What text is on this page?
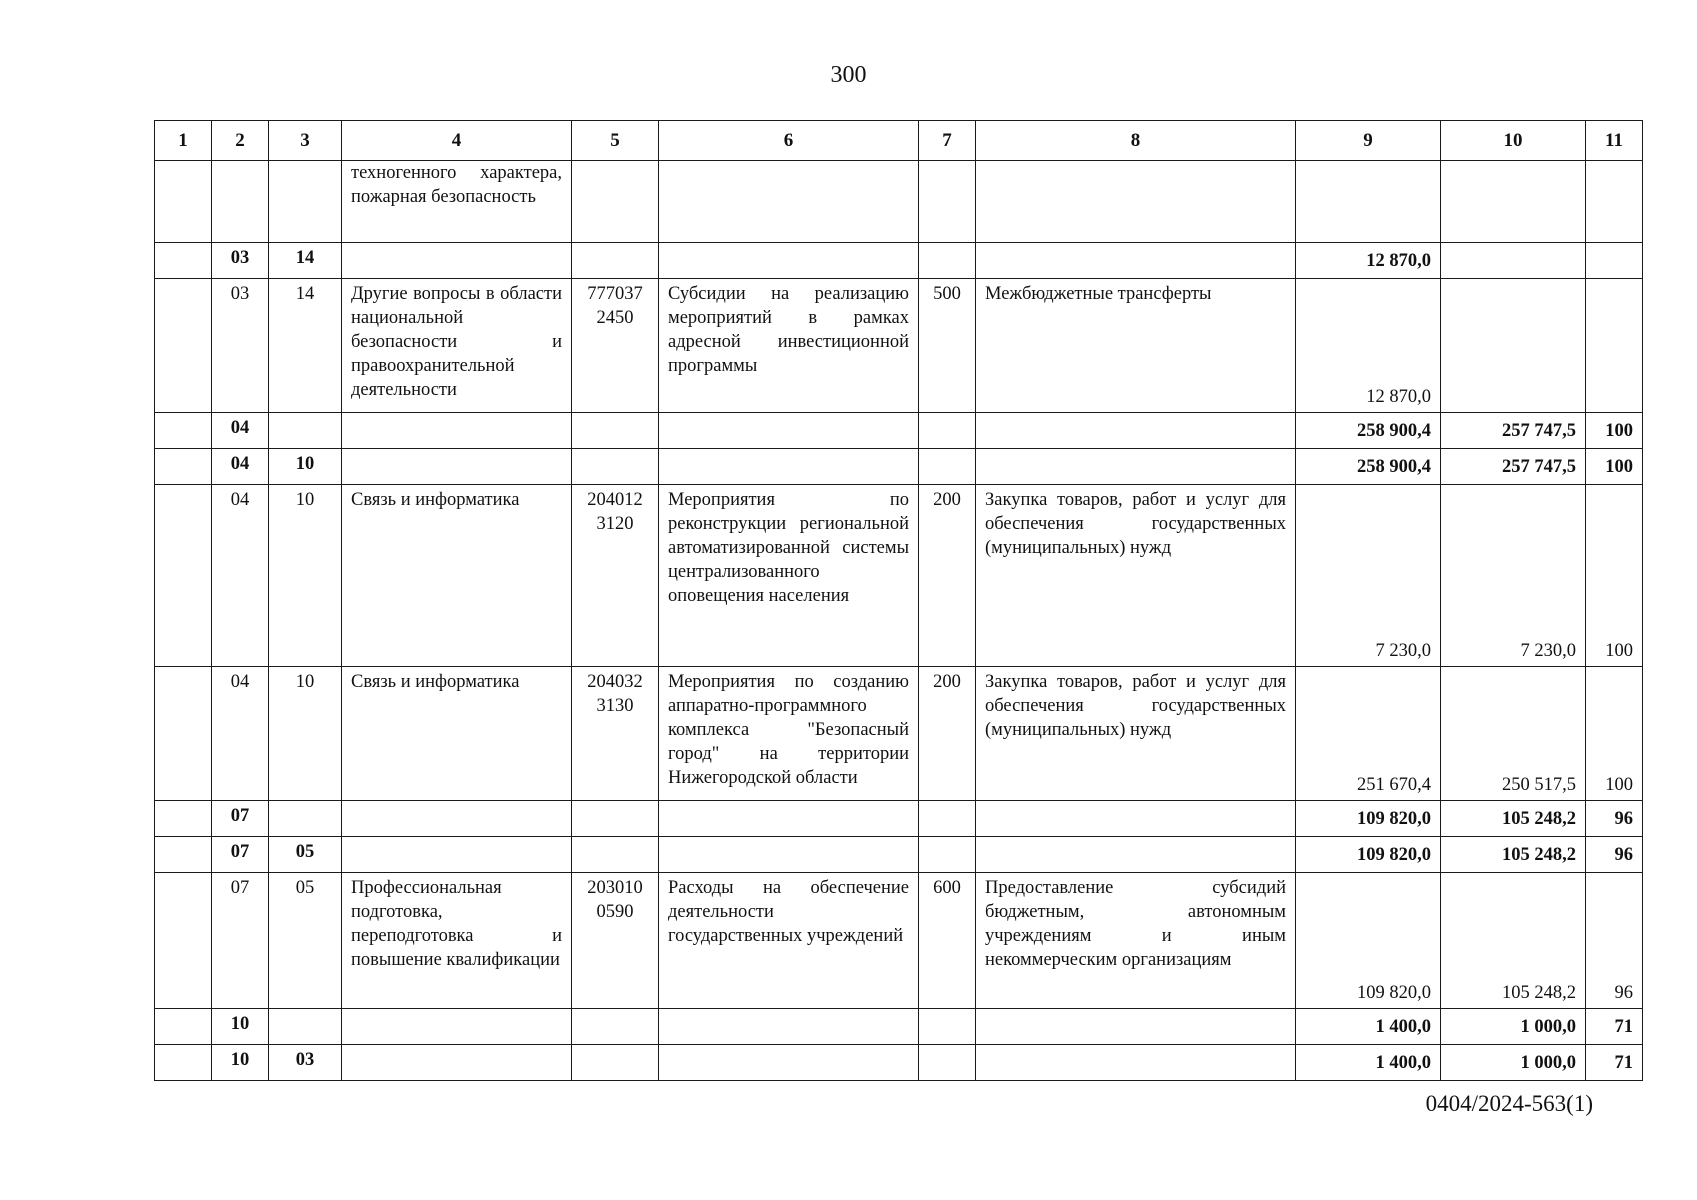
300
1	2	3	4	5	6	7	8	9	10	11
			техногенного характера, пожарная безопасность							
	03	14						12 870,0		
	03	14	Другие вопросы в области национальной безопасности и правоохранительной деятельности	777037 2450	Субсидии на реализацию мероприятий в рамках адресной инвестиционной программы	500	Межбюджетные трансферты	12 870,0		
	04							258 900,4	257 747,5	100
	04	10						258 900,4	257 747,5	100
	04	10	Связь и информатика	204012 3120	Мероприятия по реконструкции региональной автоматизированной системы централизованного оповещения населения	200	Закупка товаров, работ и услуг для обеспечения государственных (муниципальных) нужд	7 230,0	7 230,0	100
	04	10	Связь и информатика	204032 3130	Мероприятия по созданию аппаратно-программного комплекса "Безопасный город" на территории Нижегородской области	200	Закупка товаров, работ и услуг для обеспечения государственных (муниципальных) нужд	251 670,4	250 517,5	100
	07							109 820,0	105 248,2	96
	07	05						109 820,0	105 248,2	96
	07	05	Профессиональная подготовка, переподготовка и повышение квалификации	203010 0590	Расходы на обеспечение деятельности государственных учреждений	600	Предоставление субсидий бюджетным, автономным учреждениям и иным некоммерческим организациям	109 820,0	105 248,2	96
	10							1 400,0	1 000,0	71
	10	03						1 400,0	1 000,0	71
0404/2024-563(1)
